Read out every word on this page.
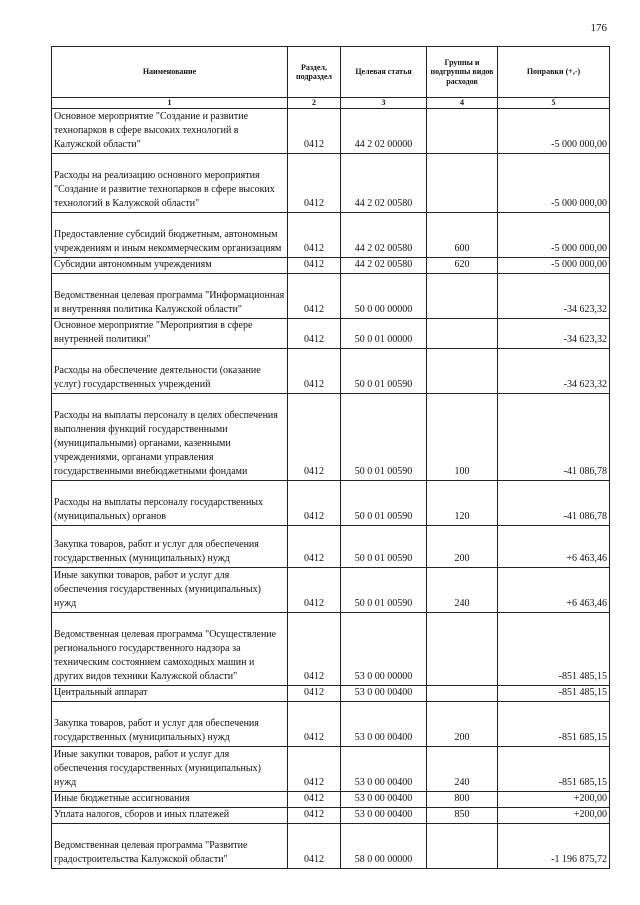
176
Наименование	Раздел, подраздел	Целевая статья	Группы и подгруппы видов расходов	Поправки (+,-)
1	2	3	4	5
Основное мероприятие "Создание и развитие технопарков в сфере высоких технологий в Калужской области"	0412	44 2 02 00000		-5 000 000,00
Расходы на реализацию основного мероприятия "Создание и развитие технопарков в сфере высоких технологий в Калужской области"	0412	44 2 02 00580		-5 000 000,00
Предоставление субсидий бюджетным, автономным учреждениям и иным некоммерческим организациям	0412	44 2 02 00580	600	-5 000 000,00
Субсидии автономным учреждениям	0412	44 2 02 00580	620	-5 000 000,00
Ведомственная целевая программа "Информационная и внутренняя политика Калужской области"	0412	50 0 00 00000		-34 623,32
Основное мероприятие "Мероприятия в сфере внутренней политики"	0412	50 0 01 00000		-34 623,32
Расходы на обеспечение деятельности (оказание услуг) государственных учреждений	0412	50 0 01 00590		-34 623,32
Расходы на выплаты персоналу в целях обеспечения выполнения функций государственными (муниципальными) органами, казенными учреждениями, органами управления государственными внебюджетными фондами	0412	50 0 01 00590	100	-41 086,78
Расходы на выплаты персоналу государственных (муниципальных) органов	0412	50 0 01 00590	120	-41 086,78
Закупка товаров, работ и услуг для обеспечения государственных (муниципальных) нужд	0412	50 0 01 00590	200	+6 463,46
Иные закупки товаров, работ и услуг для обеспечения государственных (муниципальных) нужд	0412	50 0 01 00590	240	+6 463,46
Ведомственная целевая программа "Осуществление регионального государственного надзора за техническим состоянием самоходных машин и других видов техники Калужской области"	0412	53 0 00 00000		-851 485,15
Центральный аппарат	0412	53 0 00 00400		-851 485,15
Закупка товаров, работ и услуг для обеспечения государственных (муниципальных) нужд	0412	53 0 00 00400	200	-851 685,15
Иные закупки товаров, работ и услуг для обеспечения государственных (муниципальных) нужд	0412	53 0 00 00400	240	-851 685,15
Иные бюджетные ассигнования	0412	53 0 00 00400	800	+200,00
Уплата налогов, сборов и иных платежей	0412	53 0 00 00400	850	+200,00
Ведомственная целевая программа "Развитие градостроительства Калужской области"	0412	58 0 00 00000		-1 196 875,72
